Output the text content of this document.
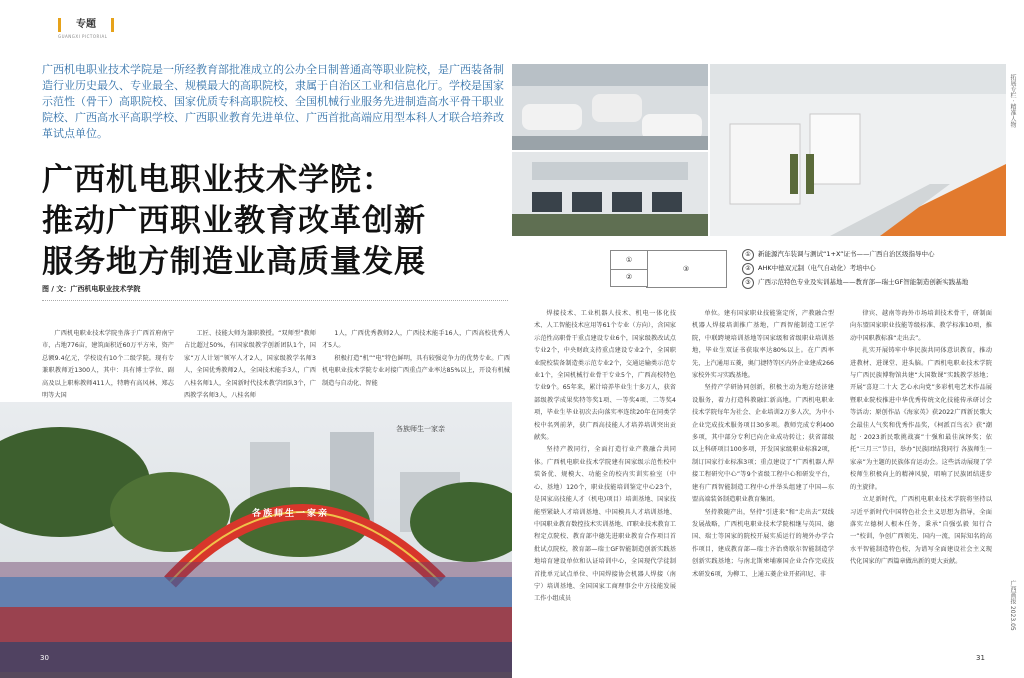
专题
GUANGXI PICTORIAL
广西机电职业技术学院是一所经教育部批准成立的公办全日制普通高等职业院校，是广西装备制造行业历史最久、专业最全、规模最大的高职院校，隶属于自治区工业和信息化厅。学校是国家示范性（骨干）高职院校、国家优质专科高职院校、全国机械行业服务先进制造高水平骨干职业院校、广西高水平高职学校、广西职业教育先进单位、广西首批高端应用型本科人才联合培养改革试点单位。
广西机电职业技术学院：
推动广西职业教育改革创新
服务地方制造业高质量发展
图 / 文：广西机电职业技术学院

广西机电职业技术学院坐落于广西首府南宁市，占地776亩，建筑面积近60万平方米，资产总额9.4亿元，学校设有10个二级学院。现有专兼职教师近1300人，其中：具有博士学位、副高及以上职称教师411人，特聘有高风林、郑志明等大国

工匠、技能大师为兼职教授。“双师型”教师占比超过50%，有国家级教学创新团队1个，国家“万人计划”领军人才2人，国家级教学名师3人，全国优秀教师2人，全国技术能手3人，广西八桂名师1人，全国新时代技术教学团队3个，广西教学名师3人，八桂名师

1人，广西优秀教师2人，广西技术能手16人，广西高校优秀人才5人。

积极打造“机”“电”特色鲜明，具有较强竞争力的优势专业。广西机电职业技术学院专业对接广西重点产业率达85%以上，开设有机械制造与自动化、智能

各族师生一家亲
各族师生一家亲
30
①
②
③
① 新能源汽车装调与测试“1+X”证书——广西自治区级指导中心
② AHK中德双元制（电气自动化）考培中心
③ 广西示范特色专业及实训基地——教育部—瑞士GF智能制造创新实践基地

焊接技术、工业机器人技术、机电一体化技术、人工智能技术应用等61个专业（方向），含国家示范性高职骨干重点建设专业6个，国家级教改试点专业2个，中央财政支持重点建设专业2个，全国职业院校装备制造类示范专业2个，交通运输类示范专业1个，全国机械行业骨干专业5个，广西高校特色专业9个。65年来，累计培养毕业生十多万人，获省部级教学成果奖特等奖1项、一等奖4项、二等奖4项，毕业生毕业初次去向落实率连续20年在同类学校中名列前茅，获广西高技能人才培养培训突出贡献奖。

坚持产教同行，全面打造行业产教融合共同体。广西机电职业技术学院建有国家级示范性校中装备优、规模大、功能全的校内实训实验室（中心、基地）120个，职业技能培训鉴定中心23个，是国家高技能人才（机电)项目）培训基地、国家技能型紧缺人才培训基地、中国模具人才培训基地、中国职业教育数控技术实训基地、IT职业技术教育工程定点院校、教育部中德先进职业教育合作项目首批试点院校，教育部—瑞士GF智能制造创新实践基地培育建设单位和认证培训中心，全国现代学徒制首批单元试点单位、中国焊接协会机器人焊接（南宁）培训基地、全国国家工商理事会中方技能发展工作小组成员

单位。建有国家职业技能鉴定所，产教融合型机器人焊接培训推广基地，广西智能制造工匠学院，中联跨境培训基地等国家级和省级职业培训基地，毕业生双证书获取率达80%以上。在广西率先，上汽通用五菱，奥门捷特等区内外企业建成266家校外实习实践基地。

坚持产学研协同创新，积极主动为地方经济建设服务，着力打造科教融汇新高地。广西机电职业技术学院每年为社会、企业培训2万多人次，为中小企业完成技术服务项目30多项。教师完成专利400多项，其中部分专利已向企业成功转让；获省部级以上科研项目100多项，开发国家级职业标准2项，制订国家行业标准3项；重点建设了“广西机器人焊接工程研究中心”等9个省级工程中心和研发平台，建有广西智能制造工程中心并举头组建了中国—东盟高端装备制造职业教育集团。

坚持教随产出，坚持“引进来”和“走出去”双线发展战略，广西机电职业技术学院相继与英国、德国、瑞士等国家的院校开展实质运行的境外办学合作项目，建成教育部—瑞士齐治费歇尔智能制造学创新实践基地；与南北斯柬埔寨国企业合作完成技术研发6项，为柳工、上通五菱企业开拓印尼、非

律宾、越南等海外市场培训技术骨干，研制面向东盟国家职业技能等级标准、教学标准10项，推动中国职教标准“走出去”。

扎实开展铸牢中华民族共同体意识教育，推动进教材、进课堂、进头脑。广西机电职业技术学院与广西民族博物馆共建“大国数课”实践教学基地；开展“喜迎二十大 艺心永向党”多彩机电艺术作品展暨职业院校推进中华优秀传统文化技能传承研讨会等活动；原创作品《海家英》获2022广西新民歌大会最佳人气奖和优秀作品奖，《柯派百鸟衣》获“潮起 · 2023新民歌挑战赛”十强和最佳演绎奖；依托“三月三”节日，举办“民族团结我同行 各族师生一家亲”为主题的民族体育运动会。这些活动展现了学校师生积极向上的精神风貌，唱响了民族团结进步的主旋律。

立足新时代，广西机电职业技术学院将坚持以习近平新时代中国特色社会主义思想为指导，全面落实立德树人根本任务，秉承“自强弘毅 知行合一”校训，争创广西领先、国内一流，国际知名的高水平智能制造特色校，为谱写全面建设社会主义现代化国家的广西篇章做出新的更大贡献。

31
拓展专栏 · 精准人物
广西画报 2023.05
